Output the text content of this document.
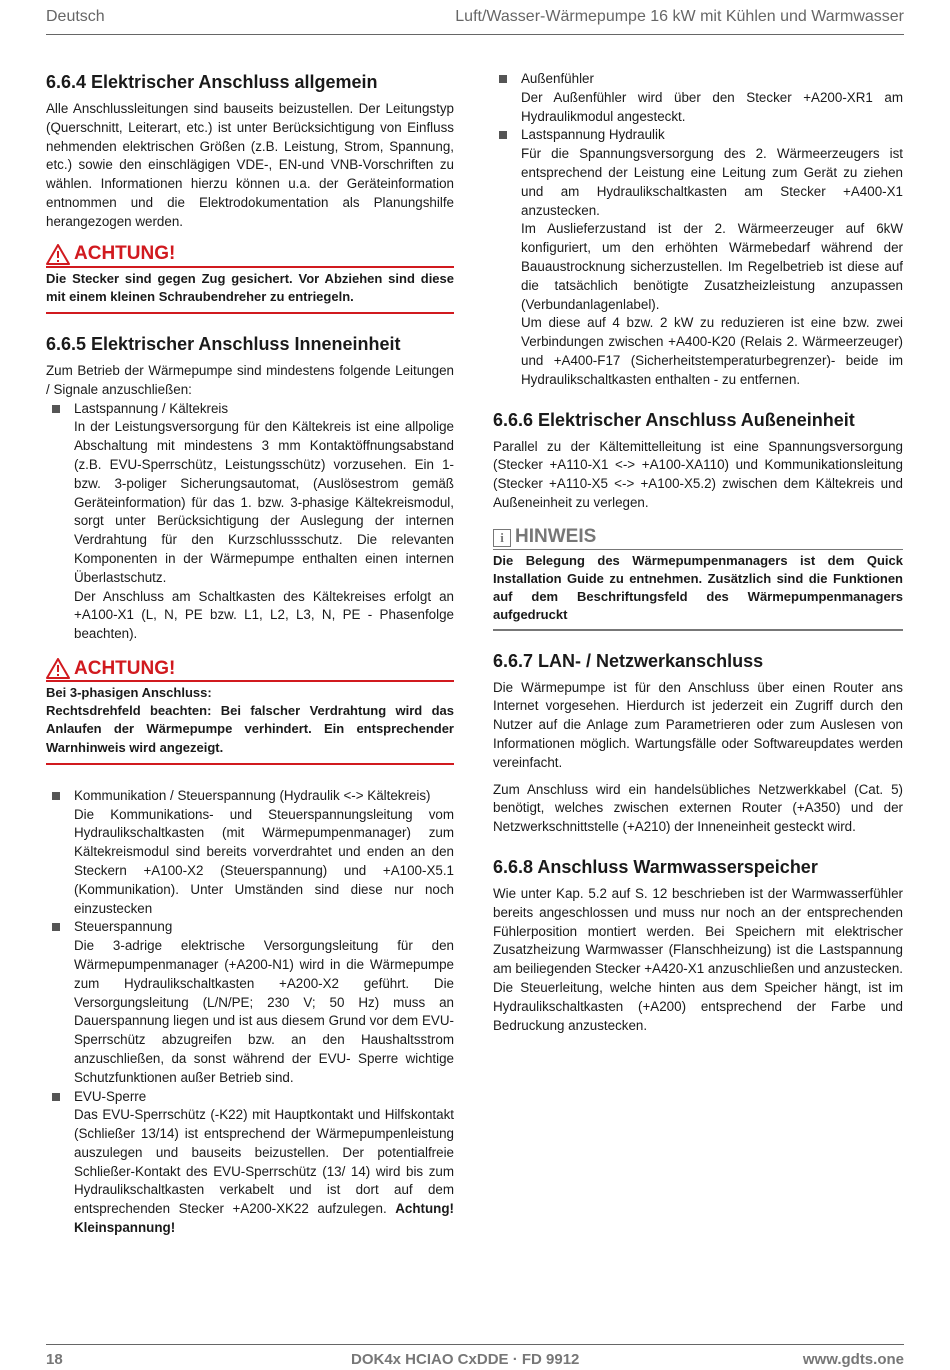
Deutsch	Luft/Wasser-Wärmepumpe 16 kW mit Kühlen und Warmwasser
6.6.4 Elektrischer Anschluss allgemein

Alle Anschlussleitungen sind bauseits beizustellen. Der Leitungstyp (Querschnitt, Leiterart, etc.) ist unter Berücksichtigung von Einfluss nehmenden elektrischen Größen (z.B. Leistung, Strom, Spannung, etc.) sowie den einschlägigen VDE-, EN-und VNB-Vorschriften zu wählen. Informationen hierzu können u.a. der Geräteinformation entnommen und die Elektrodokumentation als Planungshilfe herangezogen werden.

ACHTUNG!

Die Stecker sind gegen Zug gesichert. Vor Abziehen sind diese mit einem kleinen Schraubendreher zu entriegeln.

6.6.5 Elektrischer Anschluss Inneneinheit

Zum Betrieb der Wärmepumpe sind mindestens folgende Leitungen / Signale anzuschließen:

Lastspannung / Kältekreis

In der Leistungsversorgung für den Kältekreis ist eine allpolige Abschaltung mit mindestens 3 mm Kontaktöffnungsabstand (z.B. EVU-Sperrschütz, Leistungsschütz) vorzusehen. Ein 1- bzw. 3-poliger Sicherungsautomat, (Auslösestrom gemäß Geräteinformation) für das 1. bzw. 3-phasige Kältekreismodul, sorgt unter Berücksichtigung der Auslegung der internen Verdrahtung für den Kurzschlussschutz. Die relevanten Komponenten in der Wärmepumpe enthalten einen internen Überlastschutz.

Der Anschluss am Schaltkasten des Kältekreises erfolgt an +A100-X1 (L, N, PE bzw. L1, L2, L3, N, PE - Phasenfolge beachten).

ACHTUNG!

Bei 3-phasigen Anschluss:

Rechtsdrehfeld beachten: Bei falscher Verdrahtung wird das Anlaufen der Wärmepumpe verhindert. Ein entsprechender Warnhinweis wird angezeigt.

Kommunikation / Steuerspannung (Hydraulik <-> Kältekreis)

Die Kommunikations- und Steuerspannungsleitung vom Hydraulikschaltkasten (mit Wärmepumpenmanager) zum Kältekreismodul sind bereits vorverdrahtet und enden an den Steckern +A100-X2 (Steuerspannung) und +A100-X5.1 (Kommunikation). Unter Umständen sind diese nur noch einzustecken

Steuerspannung

Die 3-adrige elektrische Versorgungsleitung für den Wärmepumpenmanager (+A200-N1) wird in die Wärmepumpe zum Hydraulikschaltkasten +A200-X2 geführt. Die Versorgungsleitung (L/N/PE; 230 V; 50 Hz) muss an Dauerspannung liegen und ist aus diesem Grund vor dem EVU-Sperrschütz abzugreifen bzw. an den Haushaltsstrom anzuschließen, da sonst während der EVU- Sperre wichtige Schutzfunktionen außer Betrieb sind.

EVU-Sperre

Das EVU-Sperrschütz (-K22) mit Hauptkontakt und Hilfskontakt (Schließer 13/14) ist entsprechend der Wärmepumpenleistung auszulegen und bauseits beizustellen. Der potentialfreie Schließer-Kontakt des EVU-Sperrschütz (13/ 14) wird bis zum Hydraulikschaltkasten verkabelt und ist dort auf dem entsprechenden Stecker +A200-XK22 aufzulegen. Achtung! Kleinspannung!

Außenfühler

Der Außenfühler wird über den Stecker +A200-XR1 am Hydraulikmodul angesteckt.

Lastspannung Hydraulik

Für die Spannungsversorgung des 2. Wärmeerzeugers ist entsprechend der Leistung eine Leitung zum Gerät zu ziehen und am Hydraulikschaltkasten am Stecker +A400-X1 anzustecken.

Im Auslieferzustand ist der 2. Wärmeerzeuger auf 6kW konfiguriert, um den erhöhten Wärmebedarf während der Bauaustrocknung sicherzustellen. Im Regelbetrieb ist diese auf die tatsächlich benötigte Zusatzheizleistung anzupassen (Verbundanlagenlabel).

Um diese auf 4 bzw. 2 kW zu reduzieren ist eine bzw. zwei Verbindungen zwischen +A400-K20 (Relais 2. Wärmeerzeuger) und +A400-F17 (Sicherheitstemperaturbegrenzer)- beide im Hydraulikschaltkasten enthalten - zu entfernen.

6.6.6 Elektrischer Anschluss Außeneinheit

Parallel zu der Kältemittelleitung ist eine Spannungsversorgung (Stecker +A110-X1 <-> +A100-XA110) und Kommunikationsleitung (Stecker +A110-X5 <-> +A100-X5.2) zwischen dem Kältekreis und Außeneinheit zu verlegen.

i HINWEIS

Die Belegung des Wärmepumpenmanagers ist dem Quick Installation Guide zu entnehmen. Zusätzlich sind die Funktionen auf dem Beschriftungsfeld des Wärmepumpenmanagers aufgedruckt

6.6.7 LAN- / Netzwerkanschluss

Die Wärmepumpe ist für den Anschluss über einen Router ans Internet vorgesehen. Hierdurch ist jederzeit ein Zugriff durch den Nutzer auf die Anlage zum Parametrieren oder zum Auslesen von Informationen möglich. Wartungsfälle oder Softwareupdates werden vereinfacht.

Zum Anschluss wird ein handelsübliches Netzwerkkabel (Cat. 5) benötigt, welches zwischen externen Router (+A350) und der Netzwerkschnittstelle (+A210) der Inneneinheit gesteckt wird.

6.6.8 Anschluss Warmwasserspeicher

Wie unter Kap. 5.2 auf S. 12 beschrieben ist der Warmwasserfühler bereits angeschlossen und muss nur noch an der entsprechenden Fühlerposition montiert werden. Bei Speichern mit elektrischer Zusatzheizung Warmwasser (Flanschheizung) ist die Lastspannung am beiliegenden Stecker +A420-X1 anzuschließen und anzustecken. Die Steuerleitung, welche hinten aus dem Speicher hängt, ist im Hydraulikschaltkasten (+A200) entsprechend der Farbe und Bedruckung anzustecken.

18	DOK4x HCIAO CxDDE · FD 9912	www.gdts.one
